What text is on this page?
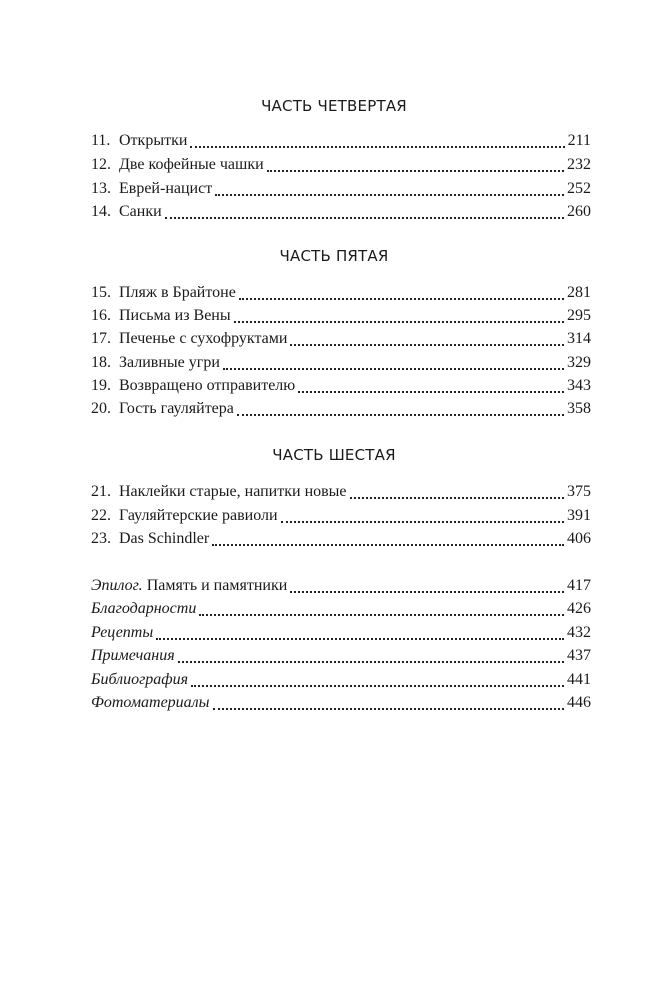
ЧАСТЬ ЧЕТВЕРТАЯ
11. Открытки	211
12. Две кофейные чашки	232
13. Еврей-нацист	252
14. Санки	260
ЧАСТЬ ПЯТАЯ
15. Пляж в Брайтоне	281
16. Письма из Вены	295
17. Печенье с сухофруктами	314
18. Заливные угри	329
19. Возвращено отправителю	343
20. Гость гауляйтера	358
ЧАСТЬ ШЕСТАЯ
21. Наклейки старые, напитки новые	375
22. Гауляйтерские равиоли	391
23. Das Schindler	406
Эпилог. Память и памятники	417
Благодарности	426
Рецепты	432
Примечания	437
Библиография	441
Фотоматериалы	446
